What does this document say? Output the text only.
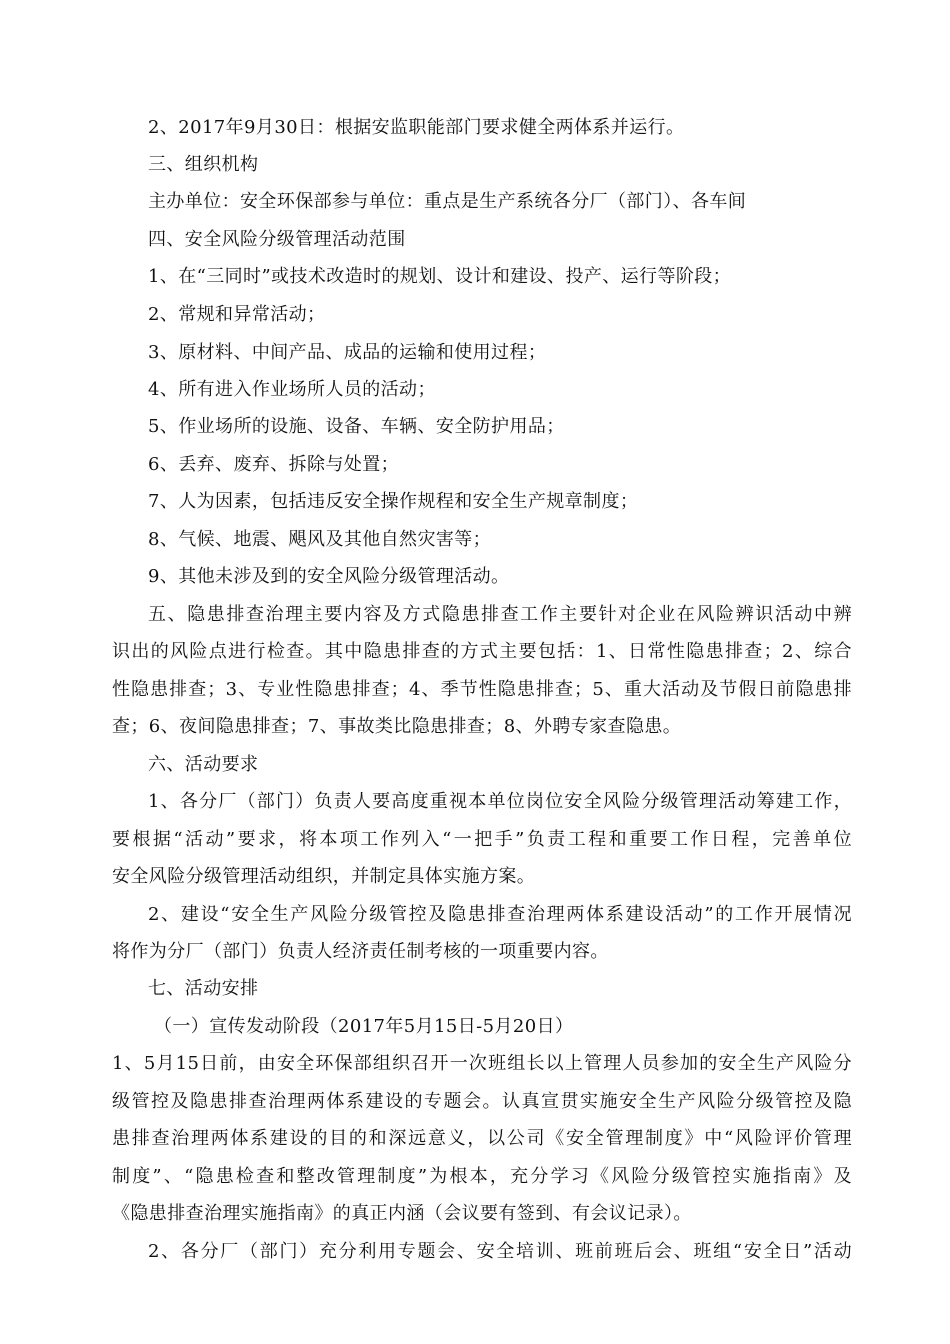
2、2017年9月30日：根据安监职能部门要求健全两体系并运行。
三、组织机构
主办单位：安全环保部参与单位：重点是生产系统各分厂（部门）、各车间
四、安全风险分级管理活动范围
1、在“三同时”或技术改造时的规划、设计和建设、投产、运行等阶段；
2、常规和异常活动；
3、原材料、中间产品、成品的运输和使用过程；
4、所有进入作业场所人员的活动；
5、作业场所的设施、设备、车辆、安全防护用品；
6、丢弃、废弃、拆除与处置；
7、人为因素，包括违反安全操作规程和安全生产规章制度；
8、气候、地震、飓风及其他自然灾害等；
9、其他未涉及到的安全风险分级管理活动。
五、隐患排查治理主要内容及方式隐患排查工作主要针对企业在风险辨识活动中辨
识出的风险点进行检查。其中隐患排查的方式主要包括：1、日常性隐患排查；2、综合
性隐患排查；3、专业性隐患排查；4、季节性隐患排查；5、重大活动及节假日前隐患排
查；6、夜间隐患排查；7、事故类比隐患排查；8、外聘专家查隐患。
六、活动要求
1、各分厂（部门）负责人要高度重视本单位岗位安全风险分级管理活动筹建工作，
要根据“活动”要求，将本项工作列入“一把手”负责工程和重要工作日程，完善单位
安全风险分级管理活动组织，并制定具体实施方案。
2、建设“安全生产风险分级管控及隐患排查治理两体系建设活动”的工作开展情况
将作为分厂（部门）负责人经济责任制考核的一项重要内容。
七、活动安排
（一）宣传发动阶段（2017年5月15日-5月20日）
1、5月15日前，由安全环保部组织召开一次班组长以上管理人员参加的安全生产风险分
级管控及隐患排查治理两体系建设的专题会。认真宣贯实施安全生产风险分级管控及隐
患排查治理两体系建设的目的和深远意义，以公司《安全管理制度》中“风险评价管理
制度”、“隐患检查和整改管理制度”为根本，充分学习《风险分级管控实施指南》及
《隐患排查治理实施指南》的真正内涵（会议要有签到、有会议记录）。
2、各分厂（部门）充分利用专题会、安全培训、班前班后会、班组“安全日”活动
